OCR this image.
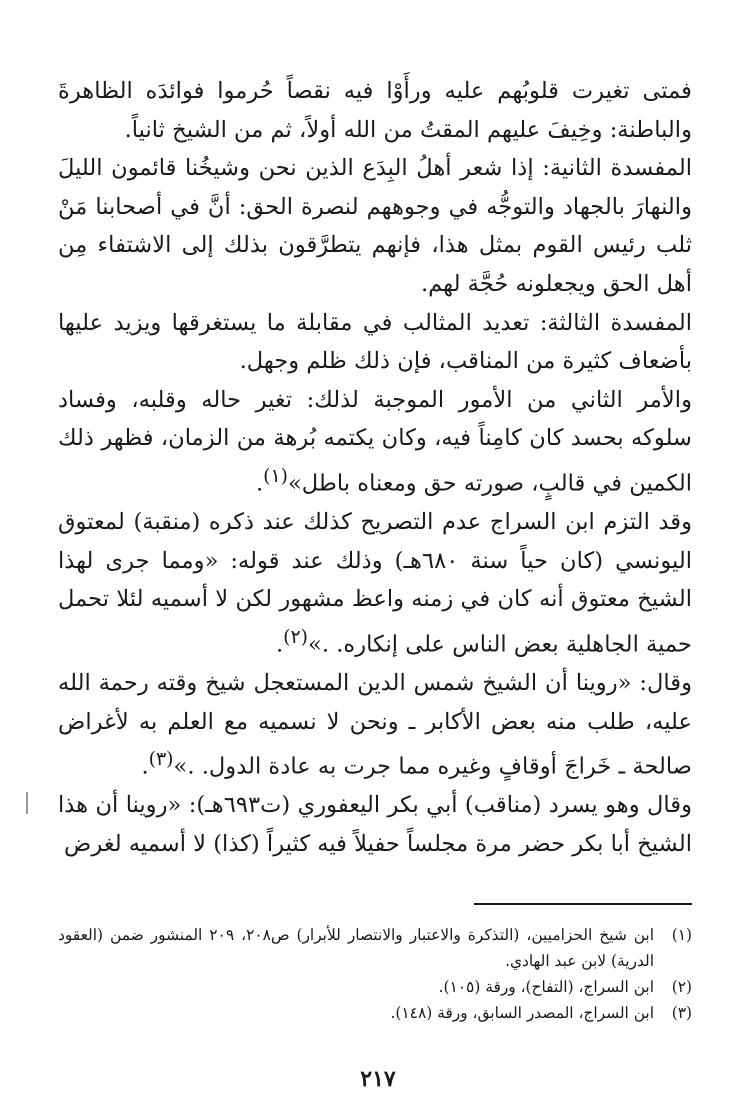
فمتى تغيرت قلوبُهم عليه ورأَوْا فيه نقصاً حُرموا فوائدَه الظاهرةَ والباطنة: وخِيفَ عليهم المقتُ من الله أولاً، ثم من الشيخ ثانياً.

المفسدة الثانية: إذا شعر أهلُ البِدَع الذين نحن وشيخُنا قائمون الليلَ والنهارَ بالجهاد والتوجُّه في وجوههم لنصرة الحق: أنَّ في أصحابنا مَنْ ثلب رئيس القوم بمثل هذا، فإنهم يتطرَّقون بذلك إلى الاشتفاء مِن أهل الحق ويجعلونه حُجَّة لهم.

المفسدة الثالثة: تعديد المثالب في مقابلة ما يستغرقها ويزيد عليها بأضعاف كثيرة من المناقب، فإن ذلك ظلم وجهل.

والأمر الثاني من الأمور الموجبة لذلك: تغير حاله وقلبه، وفساد سلوكه بحسد كان كامِناً فيه، وكان يكتمه بُرهة من الزمان، فظهر ذلك الكمين في قالبٍ، صورته حق ومعناه باطل»$^{(١)}$.

وقد التزم ابن السراج عدم التصريح كذلك عند ذكره (منقبة) لمعتوق اليونسي (كان حياً سنة ٦٨٠هـ) وذلك عند قوله: «ومما جرى لهذا الشيخ معتوق أنه كان في زمنه واعظ مشهور لكن لا أسميه لئلا تحمل حمية الجاهلية بعض الناس على إنكاره. .»$^{(٢)}$.

وقال: «روينا أن الشيخ شمس الدين المستعجل شيخ وقته رحمة الله عليه، طلب منه بعض الأكابر ـ ونحن لا نسميه مع العلم به لأغراض صالحة ـ خَراجَ أوقافٍ وغيره مما جرت به عادة الدول. .»$^{(٣)}$.

وقال وهو يسرد (مناقب) أبي بكر اليعفوري (ت٦٩٣هـ): «روينا أن هذا الشيخ أبا بكر حضر مرة مجلساً حفيلاً فيه كثيراً (كذا) لا أسميه لغرض

(١)
ابن شيخ الحزاميين، (التذكرة والاعتبار والانتصار للأبرار) ص٢٠٨، ٢٠٩ المنشور ضمن (العقود الدرية) لابن عبد الهادي.
(٢)
ابن السراج، (التفاح)، ورقة (١٠٥).
(٣)
ابن السراج، المصدر السابق، ورقة (١٤٨).
٢١٧
